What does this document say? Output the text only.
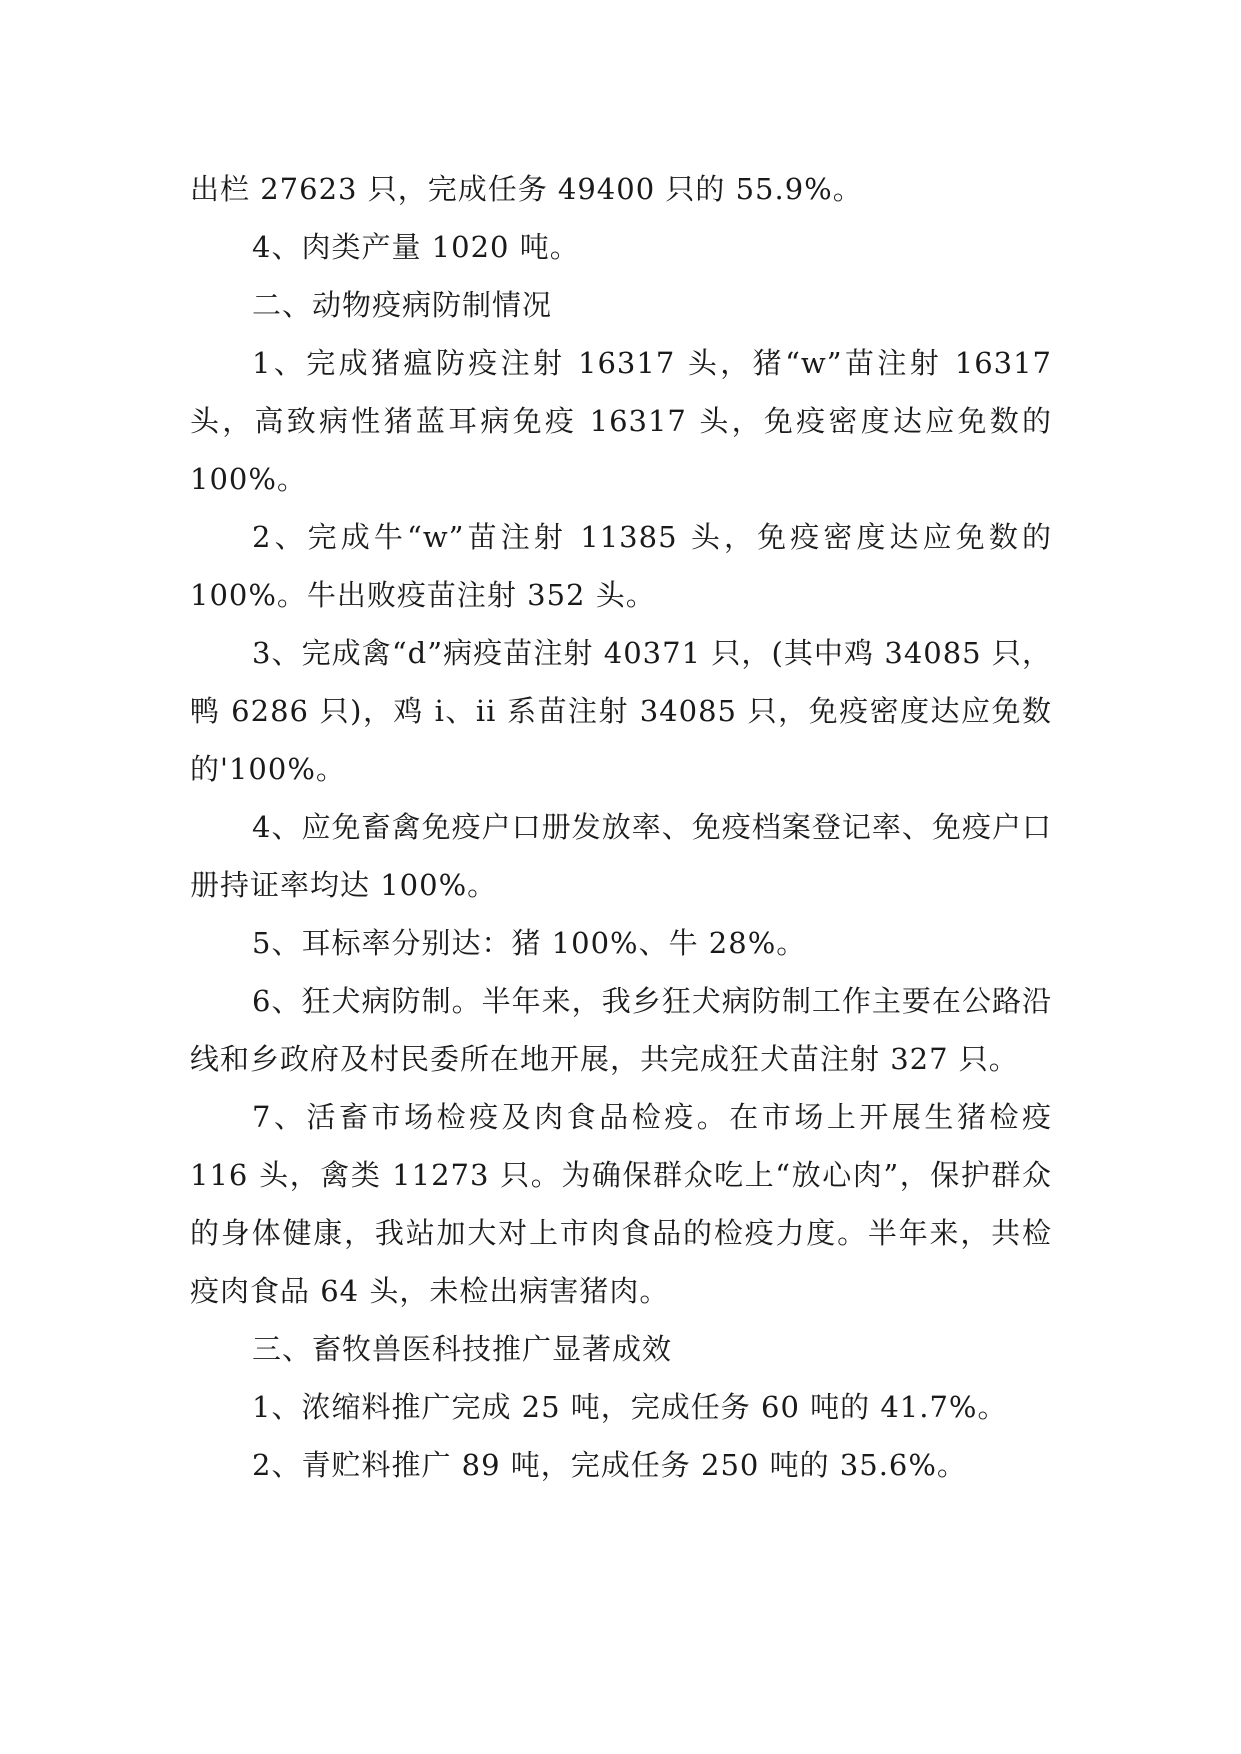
出栏 27623 只，完成任务 49400 只的 55.9%。

4、肉类产量 1020 吨。

二、动物疫病防制情况

1、完成猪瘟防疫注射 16317 头，猪“w”苗注射 16317 头，高致病性猪蓝耳病免疫 16317 头，免疫密度达应免数的 100%。

2、完成牛“w”苗注射 11385 头，免疫密度达应免数的 100%。牛出败疫苗注射 352 头。

3、完成禽“d”病疫苗注射 40371 只，(其中鸡 34085 只，鸭 6286 只)，鸡 i、ii 系苗注射 34085 只，免疫密度达应免数的'100%。

4、应免畜禽免疫户口册发放率、免疫档案登记率、免疫户口册持证率均达 100%。

5、耳标率分别达：猪 100%、牛 28%。

6、狂犬病防制。半年来，我乡狂犬病防制工作主要在公路沿线和乡政府及村民委所在地开展，共完成狂犬苗注射 327 只。

7、活畜市场检疫及肉食品检疫。在市场上开展生猪检疫 116 头，禽类 11273 只。为确保群众吃上“放心肉”，保护群众的身体健康，我站加大对上市肉食品的检疫力度。半年来，共检疫肉食品 64 头，未检出病害猪肉。

三、畜牧兽医科技推广显著成效

1、浓缩料推广完成 25 吨，完成任务 60 吨的 41.7%。

2、青贮料推广 89 吨，完成任务 250 吨的 35.6%。
